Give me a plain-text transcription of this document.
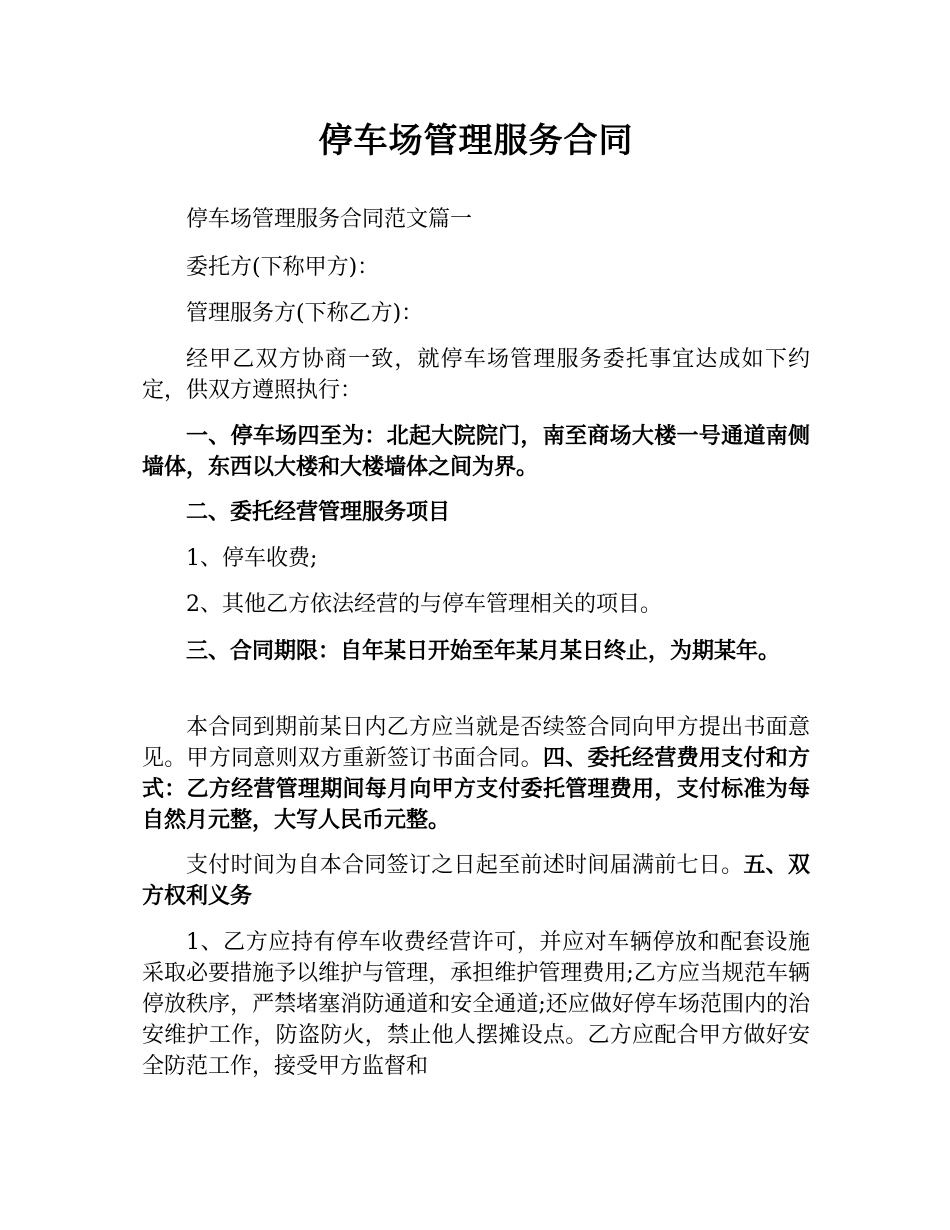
停车场管理服务合同

停车场管理服务合同范文篇一

委托方(下称甲方)：

管理服务方(下称乙方)：

经甲乙双方协商一致，就停车场管理服务委托事宜达成如下约定，供双方遵照执行：

一、停车场四至为：北起大院院门，南至商场大楼一号通道南侧墙体，东西以大楼和大楼墙体之间为界。

二、委托经营管理服务项目

1、停车收费;

2、其他乙方依法经营的与停车管理相关的项目。

三、合同期限：自年某日开始至年某月某日终止，为期某年。

本合同到期前某日内乙方应当就是否续签合同向甲方提出书面意见。甲方同意则双方重新签订书面合同。四、委托经营费用支付和方式：乙方经营管理期间每月向甲方支付委托管理费用，支付标准为每自然月元整，大写人民币元整。

支付时间为自本合同签订之日起至前述时间届满前七日。五、双方权利义务

1、乙方应持有停车收费经营许可，并应对车辆停放和配套设施采取必要措施予以维护与管理，承担维护管理费用;乙方应当规范车辆停放秩序，严禁堵塞消防通道和安全通道;还应做好停车场范围内的治安维护工作，防盗防火，禁止他人摆摊设点。乙方应配合甲方做好安全防范工作，接受甲方监督和
